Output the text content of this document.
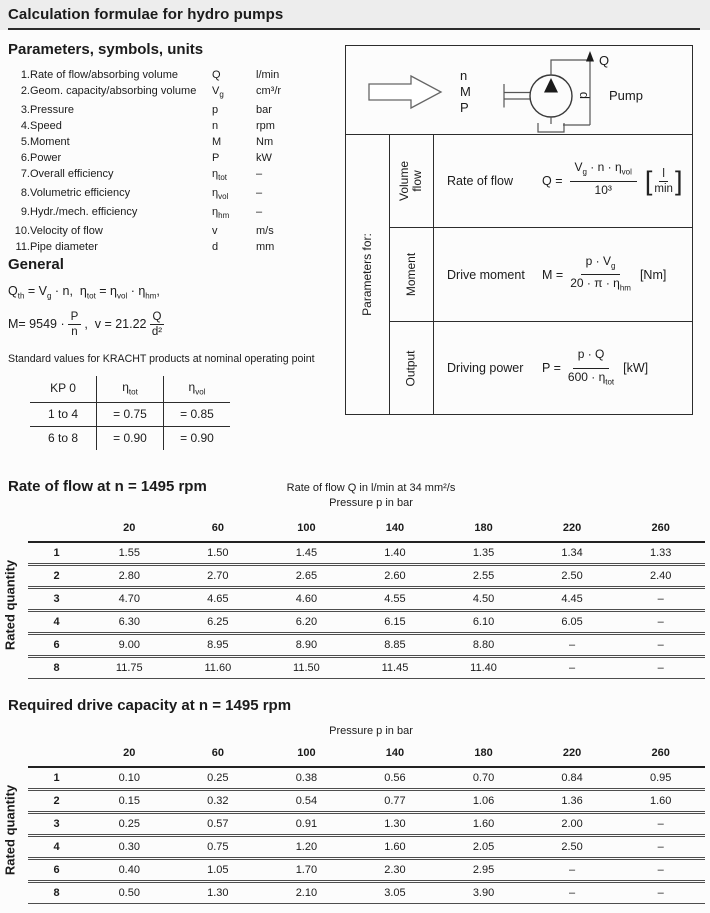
Calculation formulae for hydro pumps
Parameters, symbols, units
1.	Rate of flow/absorbing volume	Q	l/min
2.	Geom. capacity/absorbing volume	$V_g$	cm³/r
3.	Pressure	p	bar
4.	Speed	n	rpm
5.	Moment	M	Nm
6.	Power	P	kW
7.	Overall efficiency	$\eta_{tot}$	–
8.	Volumetric efficiency	$\eta_{vol}$	–
9.	Hydr./mech. efficiency	$\eta_{hm}$	–
10.	Velocity of flow	v	m/s
11.	Pipe diameter	d	mm
General
$Q_{th} = V_g \cdot n$,  $\eta_{tot} = \eta_{vol} \cdot \eta_{hm}$,
$M= 9549 \cdot \frac{P}{n}$ ,  $v = 21.22 \frac{Q}{\text{d²}}$

Standard values for KRACHT products at nominal operating point

KP 0	$\eta_{tot}$	$\eta_{vol}$
1 to 4	= 0.75	= 0.85
6 to 8	= 0.90	= 0.90
n
M
P
Q
p Pump
Parameters for:
Volume
flow Rate of flow	$Q = \frac{V_g \cdot n \cdot \eta_{vol}}{\text{10³}}$ [ $\frac{l}{\min}$ ]
Moment Drive moment	$M = \frac{p \cdot V_g}{20 \cdot \pi \cdot \eta_{hm}} [Nm]$
Output Driving power	$P = \frac{p \cdot Q}{600 \cdot \eta_{tot}} [kW]$
Rate of flow at n = 1495 rpm	Rate of flow Q in l/min at 34 mm²/s
Pressure p in bar
Rated quantity
	20	60	100	140	180	220	260
1	1.55	1.50	1.45	1.40	1.35	1.34	1.33
2	2.80	2.70	2.65	2.60	2.55	2.50	2.40
3	4.70	4.65	4.60	4.55	4.50	4.45	–
4	6.30	6.25	6.20	6.15	6.10	6.05	–
6	9.00	8.95	8.90	8.85	8.80	–	–
8	11.75	11.60	11.50	11.45	11.40	–	–
Required drive capacity at n = 1495 rpm
Pressure p in bar
Rated quantity
	20	60	100	140	180	220	260
1	0.10	0.25	0.38	0.56	0.70	0.84	0.95
2	0.15	0.32	0.54	0.77	1.06	1.36	1.60
3	0.25	0.57	0.91	1.30	1.60	2.00	–
4	0.30	0.75	1.20	1.60	2.05	2.50	–
6	0.40	1.05	1.70	2.30	2.95	–	–
8	0.50	1.30	2.10	3.05	3.90	–	–
